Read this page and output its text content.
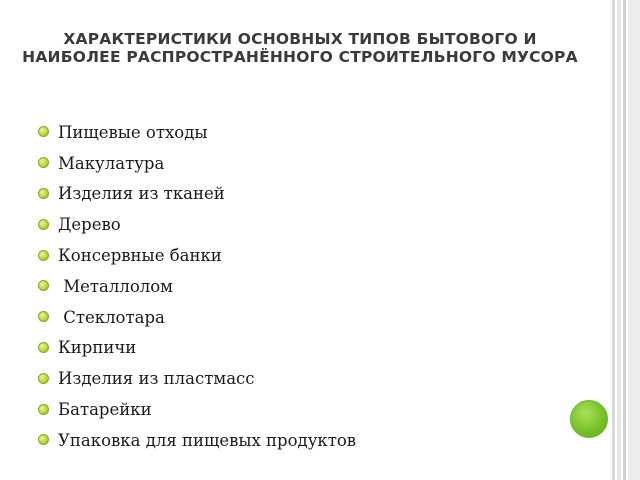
ХАРАКТЕРИСТИКИ ОСНОВНЫХ ТИПОВ БЫТОВОГО И НАИБОЛЕЕ РАСПРОСТРАНЁННОГО СТРОИТЕЛЬНОГО МУСОРА
Пищевые отходы
Макулатура
Изделия из тканей
Дерево
Консервные банки
Металлолом
Стеклотара
Кирпичи
Изделия из пластмасс
Батарейки
Упаковка для пищевых продуктов
